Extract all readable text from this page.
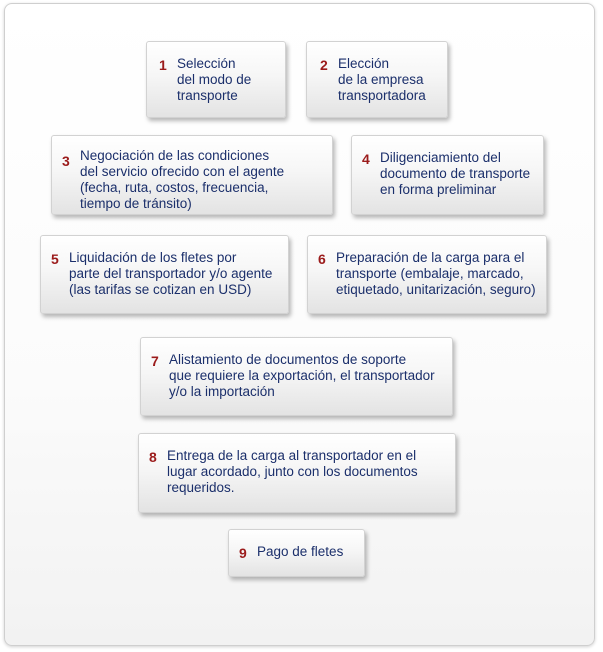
1 Selección
del modo de
transporte
2 Elección
de la empresa
transportadora
3 Negociación de las condiciones
del servicio ofrecido con el agente
(fecha, ruta, costos, frecuencia,
tiempo de tránsito)
4 Diligenciamiento del
documento de transporte
en forma preliminar
5 Liquidación de los fletes por
parte del transportador y/o agente
(las tarifas se cotizan en USD)
6 Preparación de la carga para el
transporte (embalaje, marcado,
etiquetado, unitarización, seguro)
7 Alistamiento de documentos de soporte
que requiere la exportación, el transportador
y/o la importación
8 Entrega de la carga al transportador en el
lugar acordado, junto con los documentos
requeridos.
9 Pago de fletes
